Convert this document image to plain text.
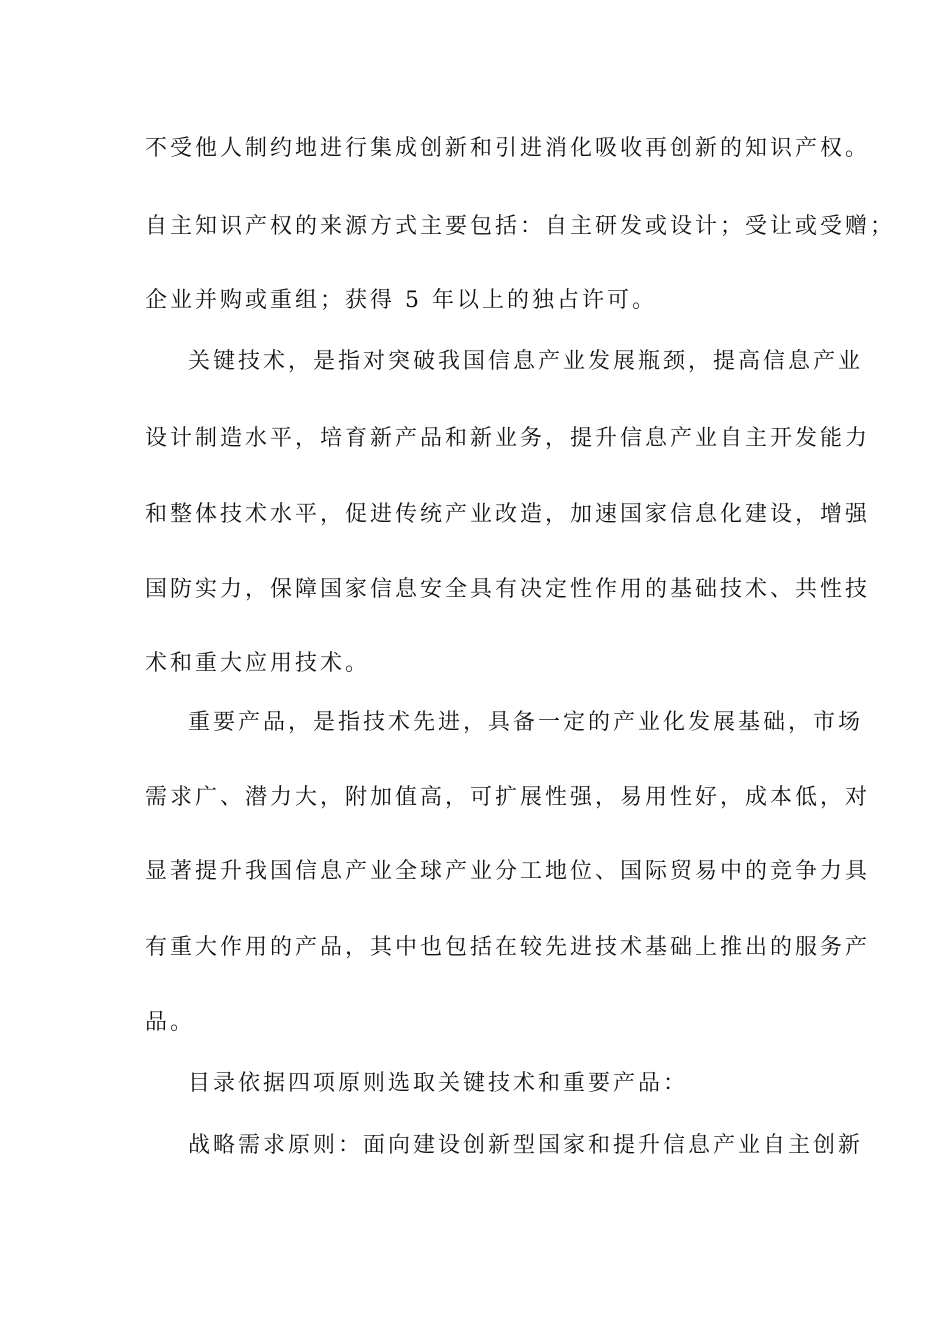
不受他人制约地进行集成创新和引进消化吸收再创新的知识产权。

自主知识产权的来源方式主要包括：自主研发或设计；受让或受赠；

企业并购或重组；获得 5 年以上的独占许可。

关键技术，是指对突破我国信息产业发展瓶颈，提高信息产业

设计制造水平，培育新产品和新业务，提升信息产业自主开发能力

和整体技术水平，促进传统产业改造，加速国家信息化建设，增强

国防实力，保障国家信息安全具有决定性作用的基础技术、共性技

术和重大应用技术。

重要产品，是指技术先进，具备一定的产业化发展基础，市场

需求广、潜力大，附加值高，可扩展性强，易用性好，成本低，对

显著提升我国信息产业全球产业分工地位、国际贸易中的竞争力具

有重大作用的产品，其中也包括在较先进技术基础上推出的服务产

品。

目录依据四项原则选取关键技术和重要产品：

战略需求原则：面向建设创新型国家和提升信息产业自主创新
